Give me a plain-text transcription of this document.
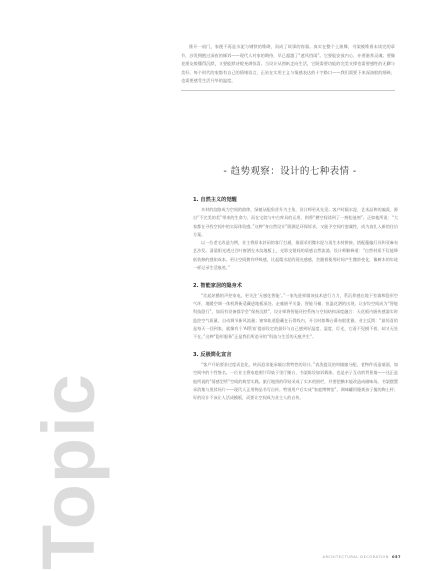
推开一扇门，家便不再是水泥与钢铁的堆砌，而成了故事的容器。真实在整个上演舞，书架被堆着未读完的章节，沙发拥抱过深夜的倾诉——现代人对家的期待，早已超越了“遮风挡雨”。它要能安放内心，亦要滋养灵魂；要像老朋友般懂得沉默，又要能默诗般充满惊喜。当设计从图纸走向生活，它既需要功能的完美支撑也需要感性的无聊与美好。每个时代的家都有自己的情绪语言，正站在实用主义与情感表达的十字路口——我们需要下来深油般的细碎，也需要感受生活升华的温度。
- 趋势观察：设计的七种表情 -
Topic
1. 自然主义的觉醒

木材的纹路成为空间的韵律，绿植从配角晋升为主角，设计师更具先见。客户时隔水泥、艺术品和的偏爱，源自“不完美的美”带来的生命力，而在宅院与中古库具的运用，则将“栖空间读到了一剂松弛剂”。正如他所说：“大家都在寻找空间中的实际体验感。”这种“身自然设计”既满足环保诉求，又能予空间疗愈属性，成为真扎入新的住访方案。

以一位老宅改造为例，业主将原本封闭的客厅打通，墙面采用微水泥与再生木材拼接，搭配藤编灯具和亚麻布艺沙发。清晨阳光透过百叶窗洒在木纹地板上，光影交错间的质感自然流淌。设计师解释道：“自然材质不仅能降低装修的感知成本，更让空间拥有呼吸感，比起精水泥的现光感感，会随着使用时间产生微妙变化，像树木的年轮一样记录生活痕迹。”

2. 智能家居的隐身术

“比起炫酷的声控家电，更关注‘无感化智能’。”一家先进样做该技术进行力力，系沉养感在地下室墙和隐形空气环，地暖空调一体机将新适藏进地板深处。走廊嵌平关器，智能马桶、恒温花洒的出现，让安设空间成为“智能科技隐行”，如而有设备都学会“保持沉默”，设计师将智能环控系统与空间结构深度融合：天花板内嵌传感器实时监控空气质量，自动调节新风流量；窗帘轨道隐藏在石膏线内，开合时如舞台幕布般优雅。业主反馈：“最惊喜的是每天一回到家，就像有个‘AI管家’提前设定的最好与自己感到好温度、湿度、灯光，它看不见摸不着，却又无处不在。”这种“隐形服务”正是我们所追寻的“科技与生活的无痕共生”。

3. 反极简化宣言

“客户开始要求过度而恣化，转而追求能承载自我特性的设计。”表洗提及的叫撞撞分配、老物件再造墙面，如空间中的个性签名。一位业主将家庭照片印染于里厅睡台，书架陈设如诉载体，也是亲子互动的背景墙——这正是他所说的“情感型所”空间的典型实践。旅行地图的印贴采成了实木的围栏，并要把横木能改造成储味场，书架摆置承消集与黑驳场片——现代人正用物品书写自传。特别用户后实成“家庭博物馆”，调味罐用缝裁孩子搅的陶土杯；好的设计不该让人活成模板，而要让空间成为业主人的自传。

ARCHITECTURAL DECORATION 057
